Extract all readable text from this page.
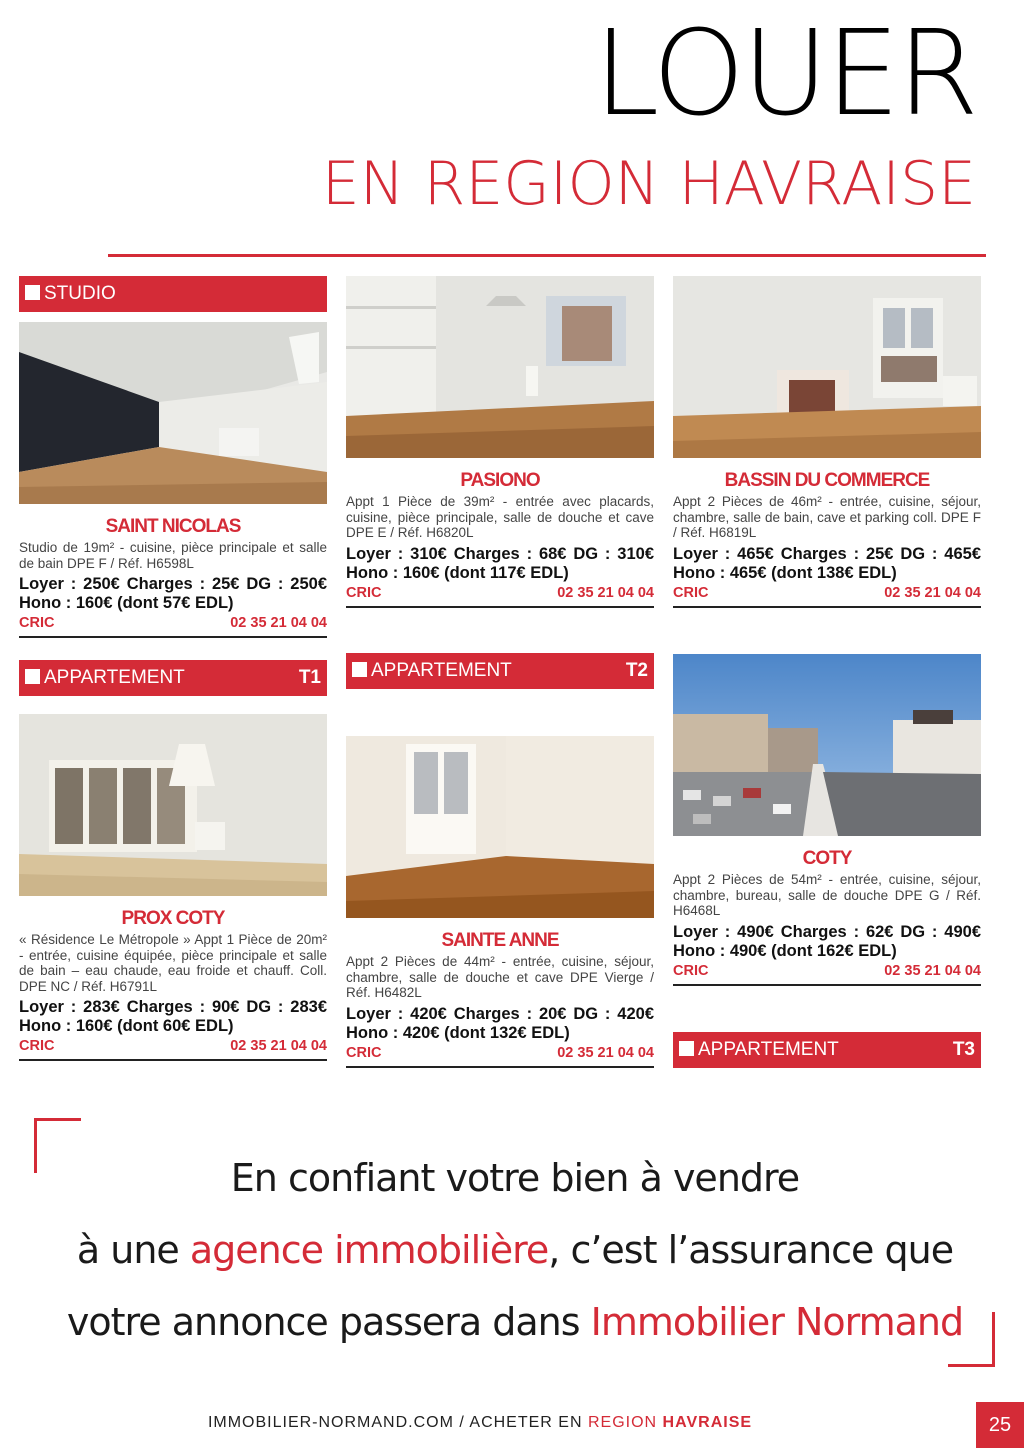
LOUER
EN REGION HAVRAISE
STUDIO
APPARTEMENT	T1	APPARTEMENT	T2
APPARTEMENT	T3
SAINT NICOLAS
Studio de 19m² - cuisine, pièce principale et salle de bain DPE F / Réf. H6598L
Loyer : 250€ Charges : 25€ DG : 250€ Hono : 160€ (dont 57€ EDL)
CRIC	02 35 21 04 04
PASIONO
Appt 1 Pièce de 39m² - entrée avec placards, cuisine, pièce principale, salle de douche et cave DPE E / Réf. H6820L
Loyer : 310€ Charges : 68€ DG : 310€ Hono : 160€ (dont 117€ EDL)
CRIC	02 35 21 04 04
BASSIN DU COMMERCE
Appt 2 Pièces de 46m² - entrée, cuisine, séjour, chambre, salle de bain, cave et parking coll. DPE F / Réf. H6819L
Loyer : 465€ Charges : 25€ DG : 465€ Hono : 465€ (dont 138€ EDL)
CRIC	02 35 21 04 04
PROX COTY
« Résidence Le Métropole » Appt 1 Pièce de 20m² - entrée, cuisine équipée, pièce principale et salle de bain – eau chaude, eau froide et chauff. Coll. DPE NC / Réf. H6791L
Loyer : 283€ Charges : 90€ DG : 283€ Hono : 160€ (dont 60€ EDL)
CRIC	02 35 21 04 04
SAINTE ANNE
Appt 2 Pièces de 44m² - entrée, cuisine, séjour, chambre, salle de douche et cave DPE Vierge / Réf. H6482L
Loyer : 420€ Charges : 20€ DG : 420€ Hono : 420€ (dont 132€ EDL)
CRIC	02 35 21 04 04
COTY
Appt 2 Pièces de 54m² - entrée, cuisine, séjour, chambre, bureau, salle de douche DPE G / Réf. H6468L
Loyer : 490€ Charges : 62€ DG : 490€ Hono : 490€ (dont 162€ EDL)
CRIC	02 35 21 04 04
En confiant votre bien à vendre
à une agence immobilière, c’est l’assurance que
votre annonce passera dans Immobilier Normand
IMMOBILIER-NORMAND.COM / ACHETER EN REGION HAVRAISE	25
